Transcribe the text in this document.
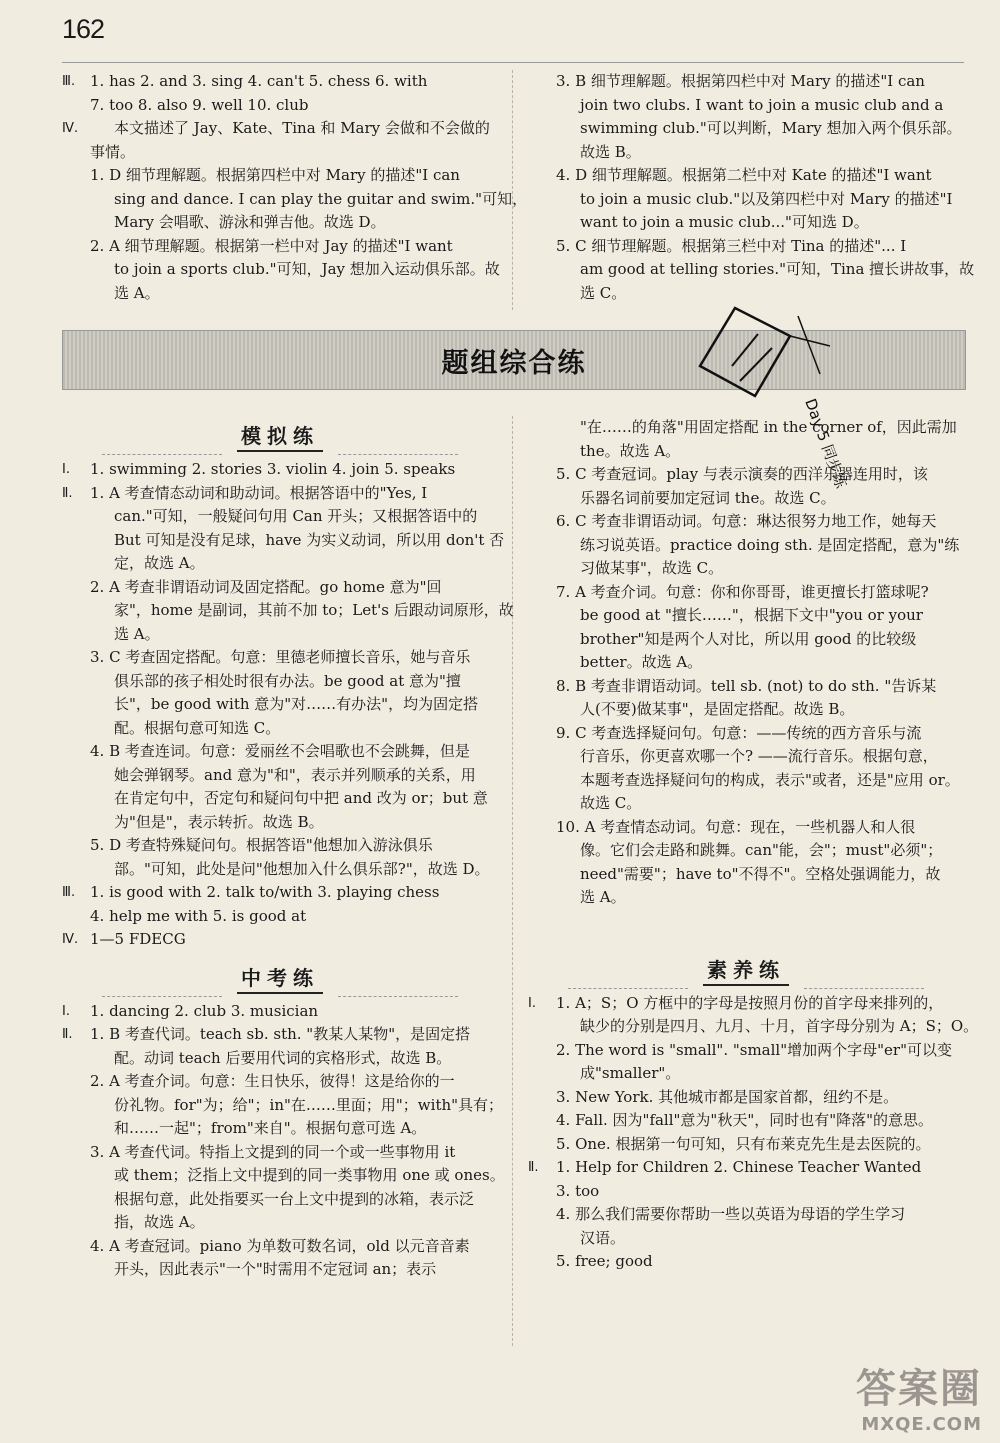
162
Ⅲ. 1. has 2. and 3. sing 4. can't 5. chess 6. with
7. too 8. also 9. well 10. club
Ⅳ. 本文描述了 Jay、Kate、Tina 和 Mary 会做和不会做的
事情。
1. D 细节理解题。根据第四栏中对 Mary 的描述"I can
sing and dance. I can play the guitar and swim."可知，
Mary 会唱歌、游泳和弹吉他。故选 D。
2. A 细节理解题。根据第一栏中对 Jay 的描述"I want
to join a sports club."可知，Jay 想加入运动俱乐部。故
选 A。
3. B 细节理解题。根据第四栏中对 Mary 的描述"I can
join two clubs. I want to join a music club and a
swimming club."可以判断，Mary 想加入两个俱乐部。
故选 B。
4. D 细节理解题。根据第二栏中对 Kate 的描述"I want
to join a music club."以及第四栏中对 Mary 的描述"I
want to join a music club..."可知选 D。
5. C 细节理解题。根据第三栏中对 Tina 的描述"... I
am good at telling stories."可知，Tina 擅长讲故事，故
选 C。
题组综合练
Day 5 同步练
模拟练
Ⅰ. 1. swimming 2. stories 3. violin 4. join 5. speaks
Ⅱ. 1. A 考查情态动词和助动词。根据答语中的"Yes, I
can."可知，一般疑问句用 Can 开头；又根据答语中的
But 可知是没有足球，have 为实义动词，所以用 don't 否
定，故选 A。
2. A 考查非谓语动词及固定搭配。go home 意为"回
家"，home 是副词，其前不加 to；Let's 后跟动词原形，故
选 A。
3. C 考查固定搭配。句意：里德老师擅长音乐，她与音乐
俱乐部的孩子相处时很有办法。be good at 意为"擅
长"，be good with 意为"对……有办法"，均为固定搭
配。根据句意可知选 C。
4. B 考查连词。句意：爱丽丝不会唱歌也不会跳舞，但是
她会弹钢琴。and 意为"和"，表示并列顺承的关系，用
在肯定句中，否定句和疑问句中把 and 改为 or；but 意
为"但是"，表示转折。故选 B。
5. D 考查特殊疑问句。根据答语"他想加入游泳俱乐
部。"可知，此处是问"他想加入什么俱乐部?"，故选 D。
Ⅲ. 1. is good with 2. talk to/with 3. playing chess
4. help me with 5. is good at
Ⅳ. 1—5 FDECG
中考练
Ⅰ. 1. dancing 2. club 3. musician
Ⅱ. 1. B 考查代词。teach sb. sth. "教某人某物"，是固定搭
配。动词 teach 后要用代词的宾格形式，故选 B。
2. A 考查介词。句意：生日快乐，彼得！这是给你的一
份礼物。for"为；给"；in"在……里面；用"；with"具有；
和……一起"；from"来自"。根据句意可选 A。
3. A 考查代词。特指上文提到的同一个或一些事物用 it
或 them；泛指上文中提到的同一类事物用 one 或 ones。
根据句意，此处指要买一台上文中提到的冰箱，表示泛
指，故选 A。
4. A 考查冠词。piano 为单数可数名词，old 以元音音素
开头，因此表示"一个"时需用不定冠词 an；表示
"在……的角落"用固定搭配 in the corner of，因此需加
the。故选 A。
5. C 考查冠词。play 与表示演奏的西洋乐器连用时，该
乐器名词前要加定冠词 the。故选 C。
6. C 考查非谓语动词。句意：琳达很努力地工作，她每天
练习说英语。practice doing sth. 是固定搭配，意为"练
习做某事"，故选 C。
7. A 考查介词。句意：你和你哥哥，谁更擅长打篮球呢?
be good at "擅长……"，根据下文中"you or your
brother"知是两个人对比，所以用 good 的比较级
better。故选 A。
8. B 考查非谓语动词。tell sb. (not) to do sth. "告诉某
人(不要)做某事"，是固定搭配。故选 B。
9. C 考查选择疑问句。句意：——传统的西方音乐与流
行音乐，你更喜欢哪一个? ——流行音乐。根据句意，
本题考查选择疑问句的构成，表示"或者，还是"应用 or。
故选 C。
10. A 考查情态动词。句意：现在，一些机器人和人很
像。它们会走路和跳舞。can"能，会"；must"必须"；
need"需要"；have to"不得不"。空格处强调能力，故
选 A。
素养练
Ⅰ. 1. A；S；O 方框中的字母是按照月份的首字母来排列的，
缺少的分别是四月、九月、十月，首字母分别为 A；S；O。
2. The word is "small". "small"增加两个字母"er"可以变
成"smaller"。
3. New York. 其他城市都是国家首都，纽约不是。
4. Fall. 因为"fall"意为"秋天"，同时也有"降落"的意思。
5. One. 根据第一句可知，只有布莱克先生是去医院的。
Ⅱ. 1. Help for Children 2. Chinese Teacher Wanted
3. too
4. 那么我们需要你帮助一些以英语为母语的学生学习
汉语。
5. free; good
答案圈
MXQE.COM
